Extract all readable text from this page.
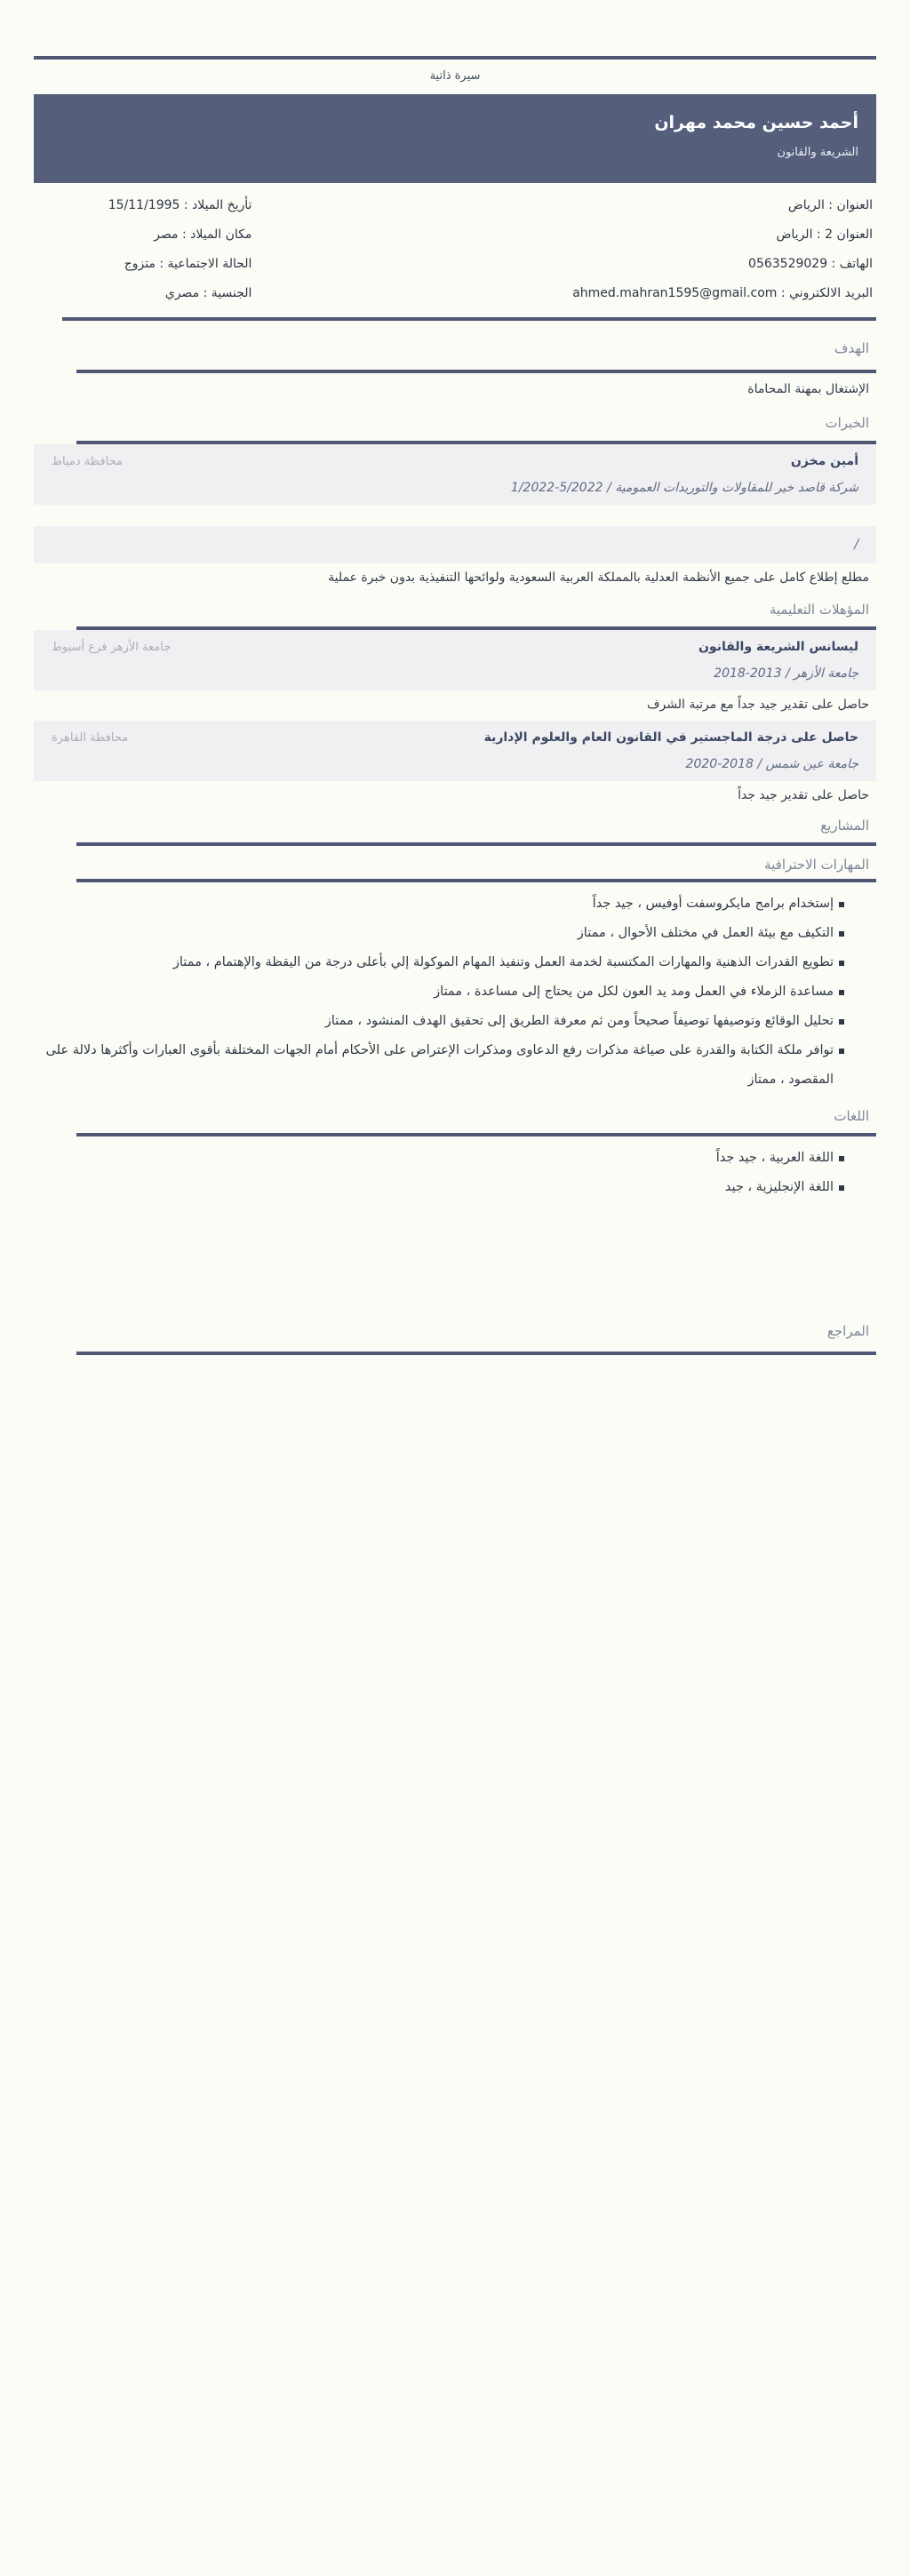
سيرة ذاتية
أحمد حسين محمد مهران
الشريعة والقانون
العنوان : الرياض
تأريخ الميلاد : 15/11/1995
العنوان 2 : الرياض
مكان الميلاد : مصر
الهاتف : 0563529029
الحالة الاجتماعية : متزوج
البريد الالكتروني : ahmed.mahran1595@gmail.com
الجنسية : مصري
الهدف

الإشتغال بمهنة المحاماة

الخبرات
أمين مخزن
محافظة دمياط
شركة قاصد خير للمقاولات والتوريدات العمومية / 5/2022-1/2022
/

مطلع إطلاع كامل على جميع الأنظمة العدلية بالمملكة العربية السعودية ولوائحها التنفيذية بدون خبرة عملية

المؤهلات التعليمية
ليسانس الشريعة والقانون
جامعة الأزهر فرع أسيوط
جامعة الأزهر / 2013-2018

حاصل على تقدير جيد جداً مع مرتبة الشرف

حاصل على درجة الماجستير في القانون العام والعلوم الإدارية
محافظة القاهرة
جامعة عين شمس / 2018-2020

حاصل على تقدير جيد جداً

المشاريع
المهارات الاحترافية
إستخدام برامج مايكروسفت أوفيس ، جيد جداً
التكيف مع بيئة العمل في مختلف الأحوال ، ممتاز
تطويع القدرات الذهنية والمهارات المكتسبة لخدمة العمل وتنفيذ المهام الموكولة إلي بأعلى درجة من اليقظة والإهتمام ، ممتاز
مساعدة الزملاء في العمل ومد يد العون لكل من يحتاج إلى مساعدة ، ممتاز
تحليل الوقائع وتوصيفها توصيفاً صحيحاً ومن ثم معرفة الطريق إلى تحقيق الهدف المنشود ، ممتاز
توافر ملكة الكتابة والقدرة على صياغة مذكرات رفع الدعاوى ومذكرات الإعتراض على الأحكام أمام الجهات المختلفة بأقوى العبارات وأكثرها دلالة على المقصود ، ممتاز
اللغات
اللغة العربية ، جيد جداً
اللغة الإنجليزية ، جيد
المراجع
